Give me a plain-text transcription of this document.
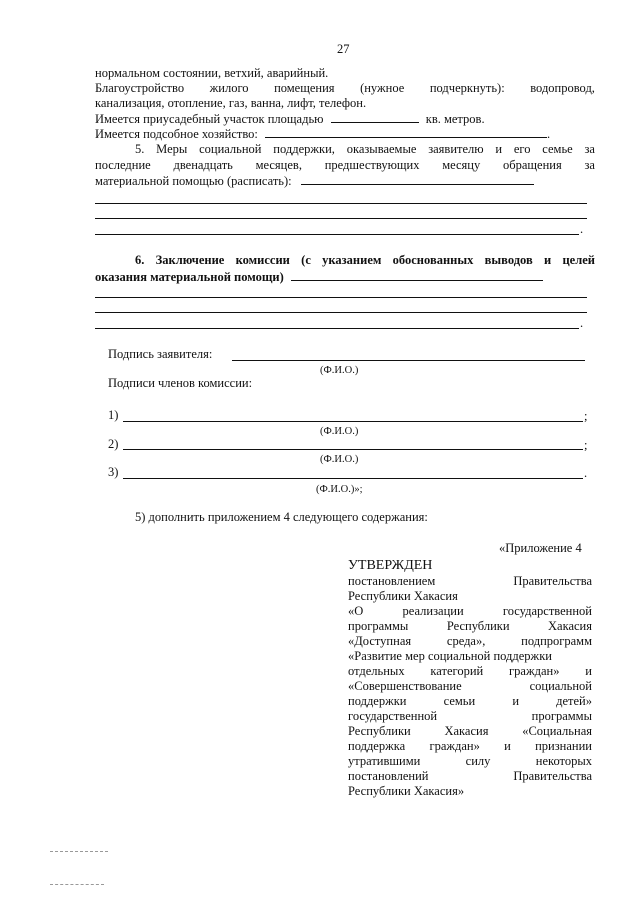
27
нормальном состоянии, ветхий, аварийный.
Благоустройство жилого помещения (нужное подчеркнуть): водопровод,
канализация, отопление, газ, ванна, лифт, телефон.
Имеется приусадебный участок площадью	кв. метров.
Имеется подсобное хозяйство:	.
5. Меры социальной поддержки, оказываемые заявителю и его семье за
последние двенадцать месяцев, предшествующих месяцу обращения за
материальной помощью (расписать):
.
6. Заключение комиссии (с указанием обоснованных выводов и целей
оказания материальной помощи)
.
Подпись заявителя:
(Ф.И.О.)
Подписи членов комиссии:
1)	;
(Ф.И.О.)
2)	;
(Ф.И.О.)
3)	.
(Ф.И.О.)»;
5) дополнить приложением 4 следующего содержания:
«Приложение 4
УТВЕРЖДЕН
постановлением	Правительства
Республики Хакасия
«О	реализации	государственной
программы	Республики	Хакасия
«Доступная	среда»,	подпрограмм
«Развитие мер социальной поддержки
отдельных категорий граждан» и
«Совершенствование	социальной
поддержки	семьи	и	детей»
государственной	программы
Республики	Хакасия	«Социальная
поддержка граждан» и признании
утратившими	силу	некоторых
постановлений	Правительства
Республики Хакасия»
